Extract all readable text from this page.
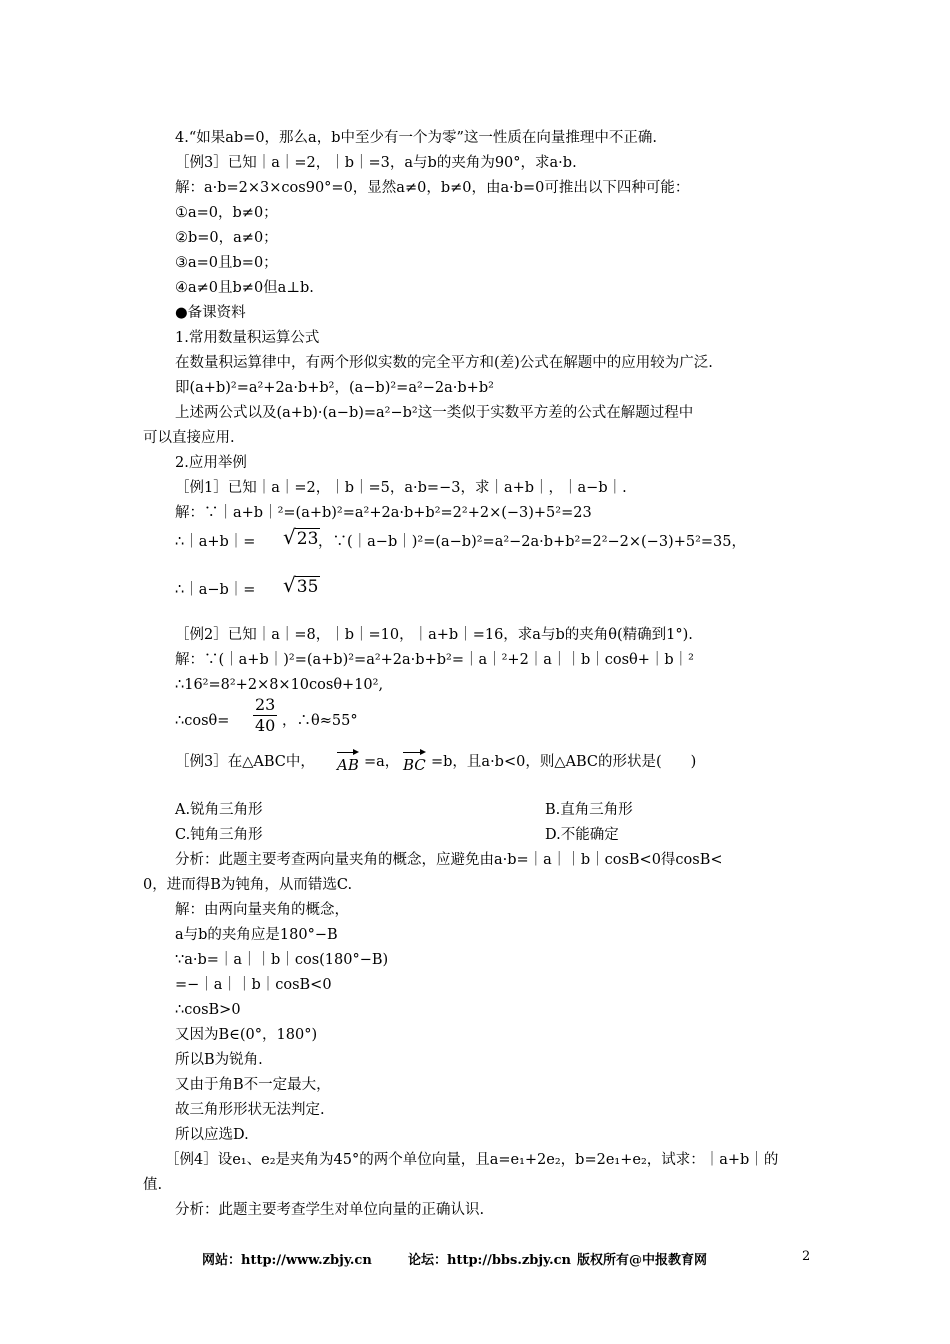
4.“如果ab=0，那么a，b中至少有一个为零”这一性质在向量推理中不正确.
［例3］已知｜a｜=2，｜b｜=3，a与b的夹角为90°，求a·b.
解：a·b=2×3×cos90°=0，显然a≠0，b≠0，由a·b=0可推出以下四种可能：
①a=0，b≠0；
②b=0，a≠0；
③a=0且b=0；
④a≠0且b≠0但a⊥b.
●备课资料
1.常用数量积运算公式
在数量积运算律中，有两个形似实数的完全平方和(差)公式在解题中的应用较为广泛.
即(a+b)²=a²+2a·b+b²，(a−b)²=a²−2a·b+b²
上述两公式以及(a+b)·(a−b)=a²−b²这一类似于实数平方差的公式在解题过程中
可以直接应用.
2.应用举例
［例1］已知｜a｜=2，｜b｜=5，a·b=−3，求｜a+b｜，｜a−b｜.
解：∵｜a+b｜²=(a+b)²=a²+2a·b+b²=2²+2×(−3)+5²=23
∴｜a+b｜=	√23 ，∵(｜a−b｜)²=(a−b)²=a²−2a·b+b²=2²−2×(−3)+5²=35，
∴｜a−b｜=	√35
［例2］已知｜a｜=8，｜b｜=10，｜a+b｜=16，求a与b的夹角θ(精确到1°).
解：∵(｜a+b｜)²=(a+b)²=a²+2a·b+b²=｜a｜²+2｜a｜｜b｜cosθ+｜b｜²
∴16²=8²+2×8×10cosθ+10²,
∴cosθ=	$\frac{23}{40}$ ，∴θ≈55°
［例3］在△ABC中，	AB =a， BC =b，且a·b<0，则△ABC的形状是(　　)
A.锐角三角形	B.直角三角形
C.钝角三角形	D.不能确定
分析：此题主要考查两向量夹角的概念，应避免由a·b=｜a｜｜b｜cosB<0得cosB<
0，进而得B为钝角，从而错选C.
解：由两向量夹角的概念，
a与b的夹角应是180°−B
∵a·b=｜a｜｜b｜cos(180°−B)
=−｜a｜｜b｜cosB<0
∴cosB>0
又因为B∈(0°，180°)
所以B为锐角.
又由于角B不一定最大，
故三角形形状无法判定.
所以应选D.
［例4］设e₁、e₂是夹角为45°的两个单位向量，且a=e₁+2e₂，b=2e₁+e₂，试求：｜a+b｜的
值.
分析：此题主要考查学生对单位向量的正确认识.
网站：http://www.zbjy.cn	论坛：http://bbs.zbjy.cn 版权所有@中报教育网	2
